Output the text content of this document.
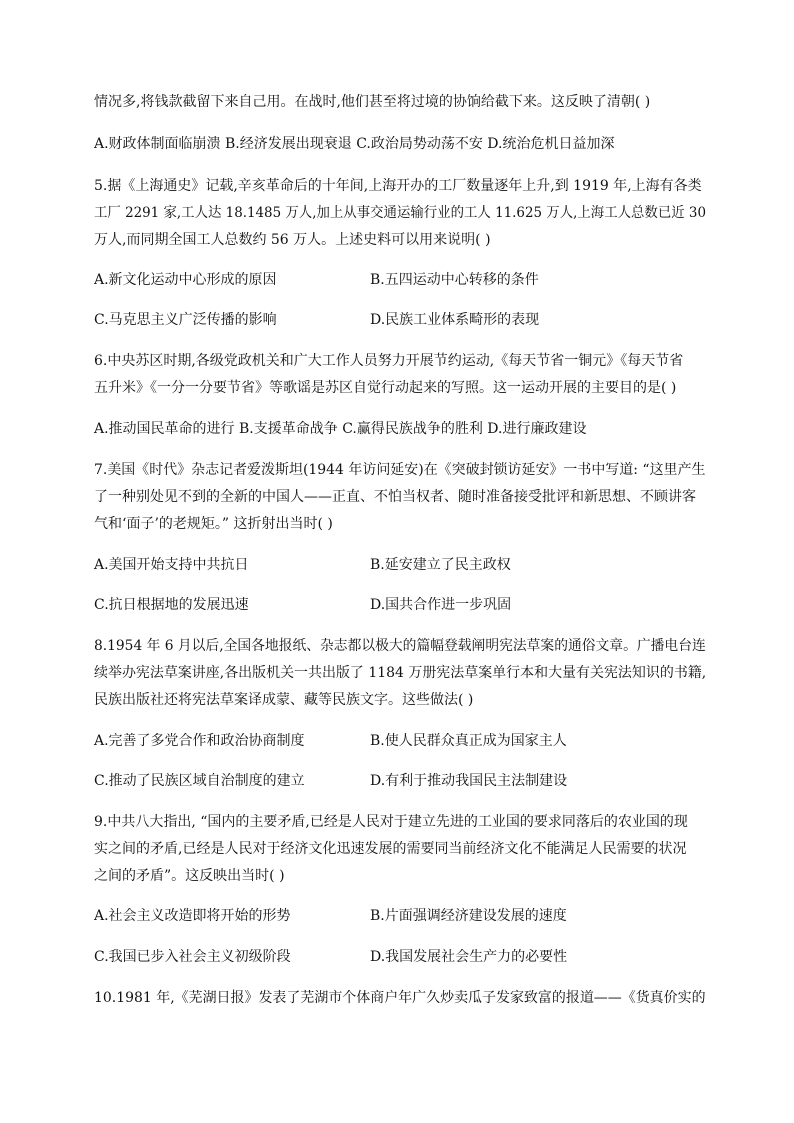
情况多,将钱款截留下来自己用。在战时,他们甚至将过境的协饷给截下来。这反映了清朝( )
A.财政体制面临崩溃 B.经济发展出现衰退 C.政治局势动荡不安 D.统治危机日益加深
5.据《上海通史》记载,辛亥革命后的十年间,上海开办的工厂数量逐年上升,到 1919 年,上海有各类
工厂 2291 家,工人达 18.1485 万人,加上从事交通运输行业的工人 11.625 万人,上海工人总数已近 30
万人,而同期全国工人总数约 56 万人。上述史料可以用来说明( )
A.新文化运动中心形成的原因	B.五四运动中心转移的条件
C.马克思主义广泛传播的影响	D.民族工业体系畸形的表现
6.中央苏区时期,各级党政机关和广大工作人员努力开展节约运动,《每天节省一铜元》《每天节省
五升米》《一分一分要节省》等歌谣是苏区自觉行动起来的写照。这一运动开展的主要目的是( )
A.推动国民革命的进行 B.支援革命战争 C.赢得民族战争的胜利 D.进行廉政建设
7.美国《时代》杂志记者爱泼斯坦(1944 年访问延安)在《突破封锁访延安》一书中写道: “这里产生
了一种别处见不到的全新的中国人——正直、不怕当权者、随时准备接受批评和新思想、不顾讲客
气和‘面子’的老规矩。” 这折射出当时( )
A.美国开始支持中共抗日	B.延安建立了民主政权
C.抗日根据地的发展迅速	D.国共合作进一步巩固
8.1954 年 6 月以后,全国各地报纸、杂志都以极大的篇幅登载阐明宪法草案的通俗文章。广播电台连
续举办宪法草案讲座,各出版机关一共出版了 1184 万册宪法草案单行本和大量有关宪法知识的书籍,
民族出版社还将宪法草案译成蒙、藏等民族文字。这些做法( )
A.完善了多党合作和政治协商制度	B.使人民群众真正成为国家主人
C.推动了民族区域自治制度的建立	D.有利于推动我国民主法制建设
9.中共八大指出, “国内的主要矛盾,已经是人民对于建立先进的工业国的要求同落后的农业国的现
实之间的矛盾,已经是人民对于经济文化迅速发展的需要同当前经济文化不能满足人民需要的状况
之间的矛盾”。这反映出当时( )
A.社会主义改造即将开始的形势	B.片面强调经济建设发展的速度
C.我国已步入社会主义初级阶段	D.我国发展社会生产力的必要性
10.1981 年,《芜湖日报》发表了芜湖市个体商户年广久炒卖瓜子发家致富的报道——《货真价实的
